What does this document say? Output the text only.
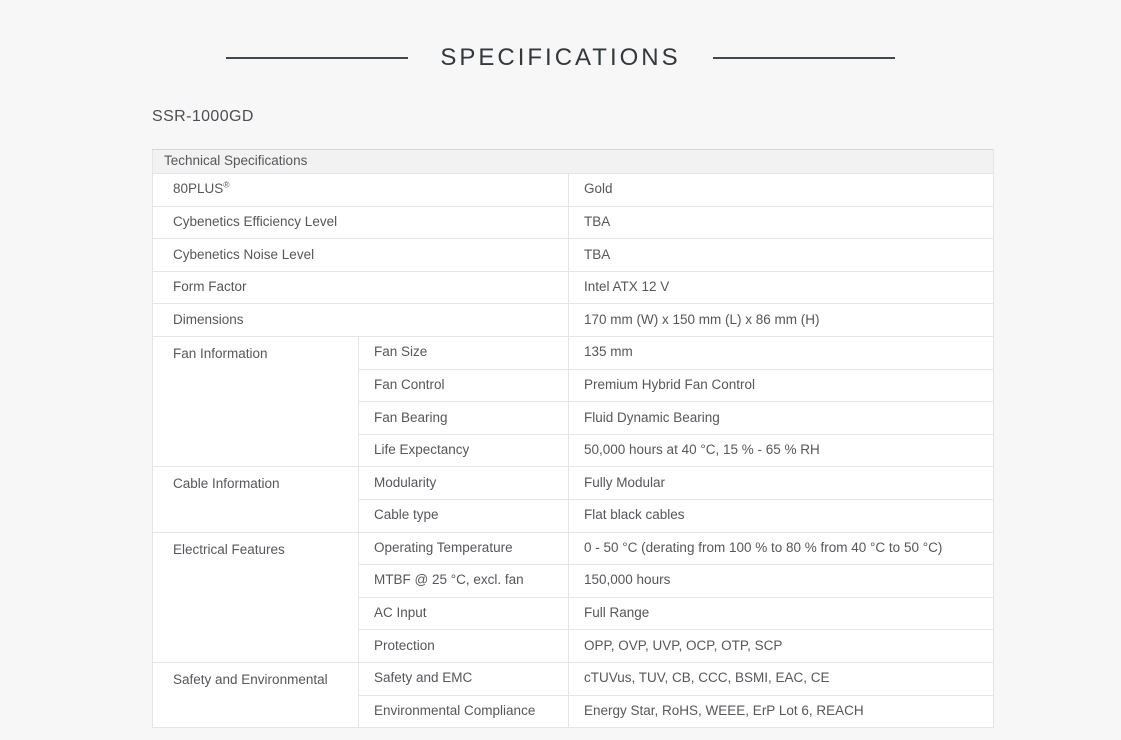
SPECIFICATIONS
SSR-1000GD
Technical Specifications		
80PLUS®		Gold
Cybenetics Efficiency Level		TBA
Cybenetics Noise Level		TBA
Form Factor		Intel ATX 12 V
Dimensions		170 mm (W) x 150 mm (L) x 86 mm (H)
Fan Information	Fan Size	135 mm
	Fan Control	Premium Hybrid Fan Control
	Fan Bearing	Fluid Dynamic Bearing
	Life Expectancy	50,000 hours at 40 °C, 15 % - 65 % RH
Cable Information	Modularity	Fully Modular
	Cable type	Flat black cables
Electrical Features	Operating Temperature	0 - 50 °C (derating from 100 % to 80 % from 40 °C to 50 °C)
	MTBF @ 25 °C, excl. fan	150,000 hours
	AC Input	Full Range
	Protection	OPP, OVP, UVP, OCP, OTP, SCP
Safety and Environmental	Safety and EMC	cTUVus, TUV, CB, CCC, BSMI, EAC, CE
	Environmental Compliance	Energy Star, RoHS, WEEE, ErP Lot 6, REACH
